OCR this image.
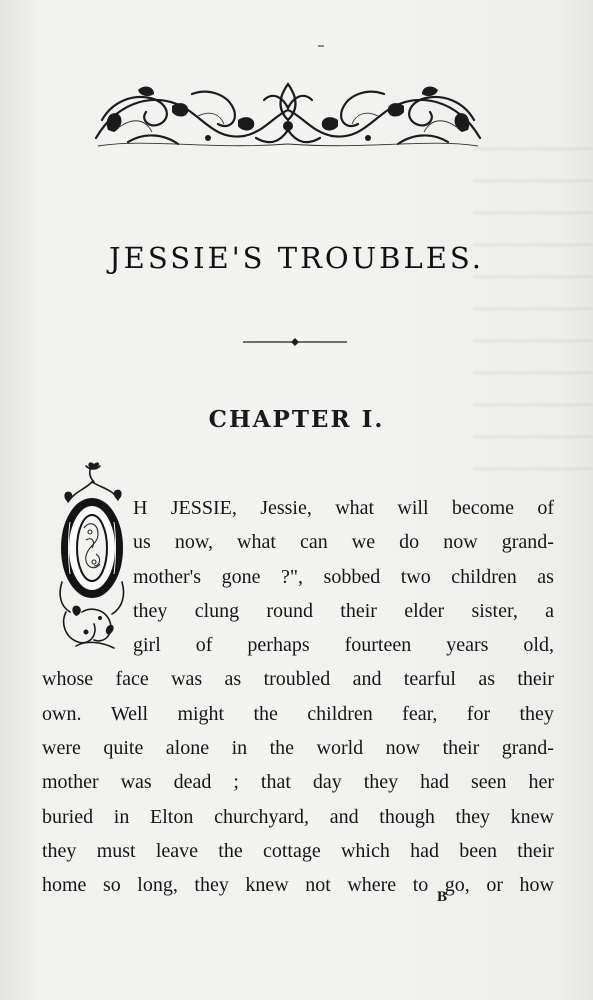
JESSIE'S TROUBLES.
CHAPTER I.
H JESSIE, Jessie, what will become of
us now, what can we do now grand-
mother's gone ?", sobbed two children as
they clung round their elder sister, a
girl of perhaps fourteen years old,
whose face was as troubled and tearful as their
own. Well might the children fear, for they
were quite alone in the world now their grand-
mother was dead ; that day they had seen her
buried in Elton churchyard, and though they knew
they must leave the cottage which had been their
home so long, they knew not where to go, or how
B
